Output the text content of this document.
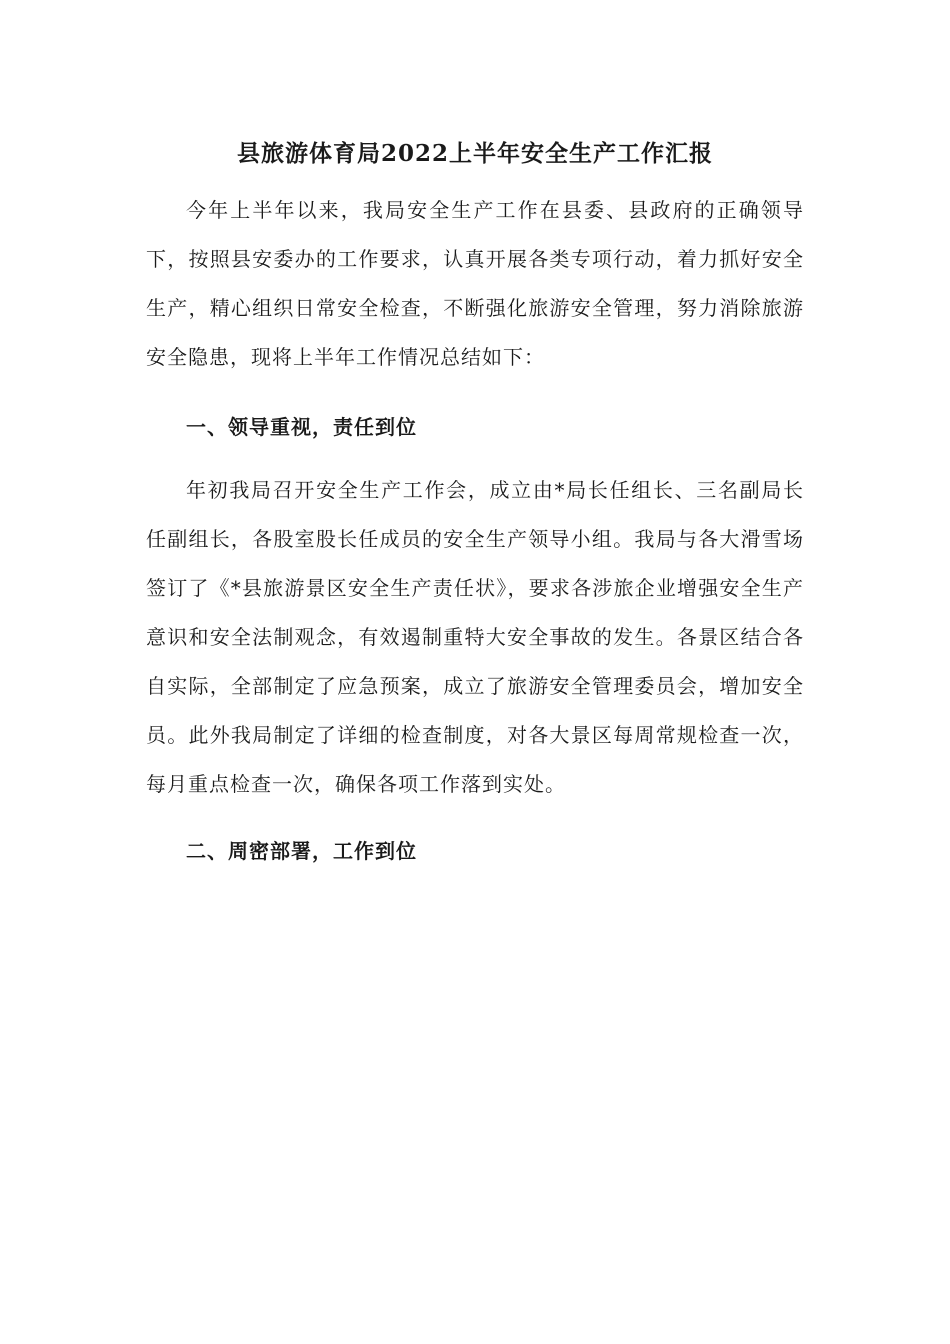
县旅游体育局2022上半年安全生产工作汇报

今年上半年以来，我局安全生产工作在县委、县政府的正确领导下，按照县安委办的工作要求，认真开展各类专项行动，着力抓好安全生产，精心组织日常安全检查，不断强化旅游安全管理，努力消除旅游安全隐患，现将上半年工作情况总结如下：

一、领导重视，责任到位

年初我局召开安全生产工作会，成立由*局长任组长、三名副局长任副组长，各股室股长任成员的安全生产领导小组。我局与各大滑雪场签订了《*县旅游景区安全生产责任状》，要求各涉旅企业增强安全生产意识和安全法制观念，有效遏制重特大安全事故的发生。各景区结合各自实际，全部制定了应急预案，成立了旅游安全管理委员会，增加安全员。此外我局制定了详细的检查制度，对各大景区每周常规检查一次，每月重点检查一次，确保各项工作落到实处。

二、周密部署，工作到位
